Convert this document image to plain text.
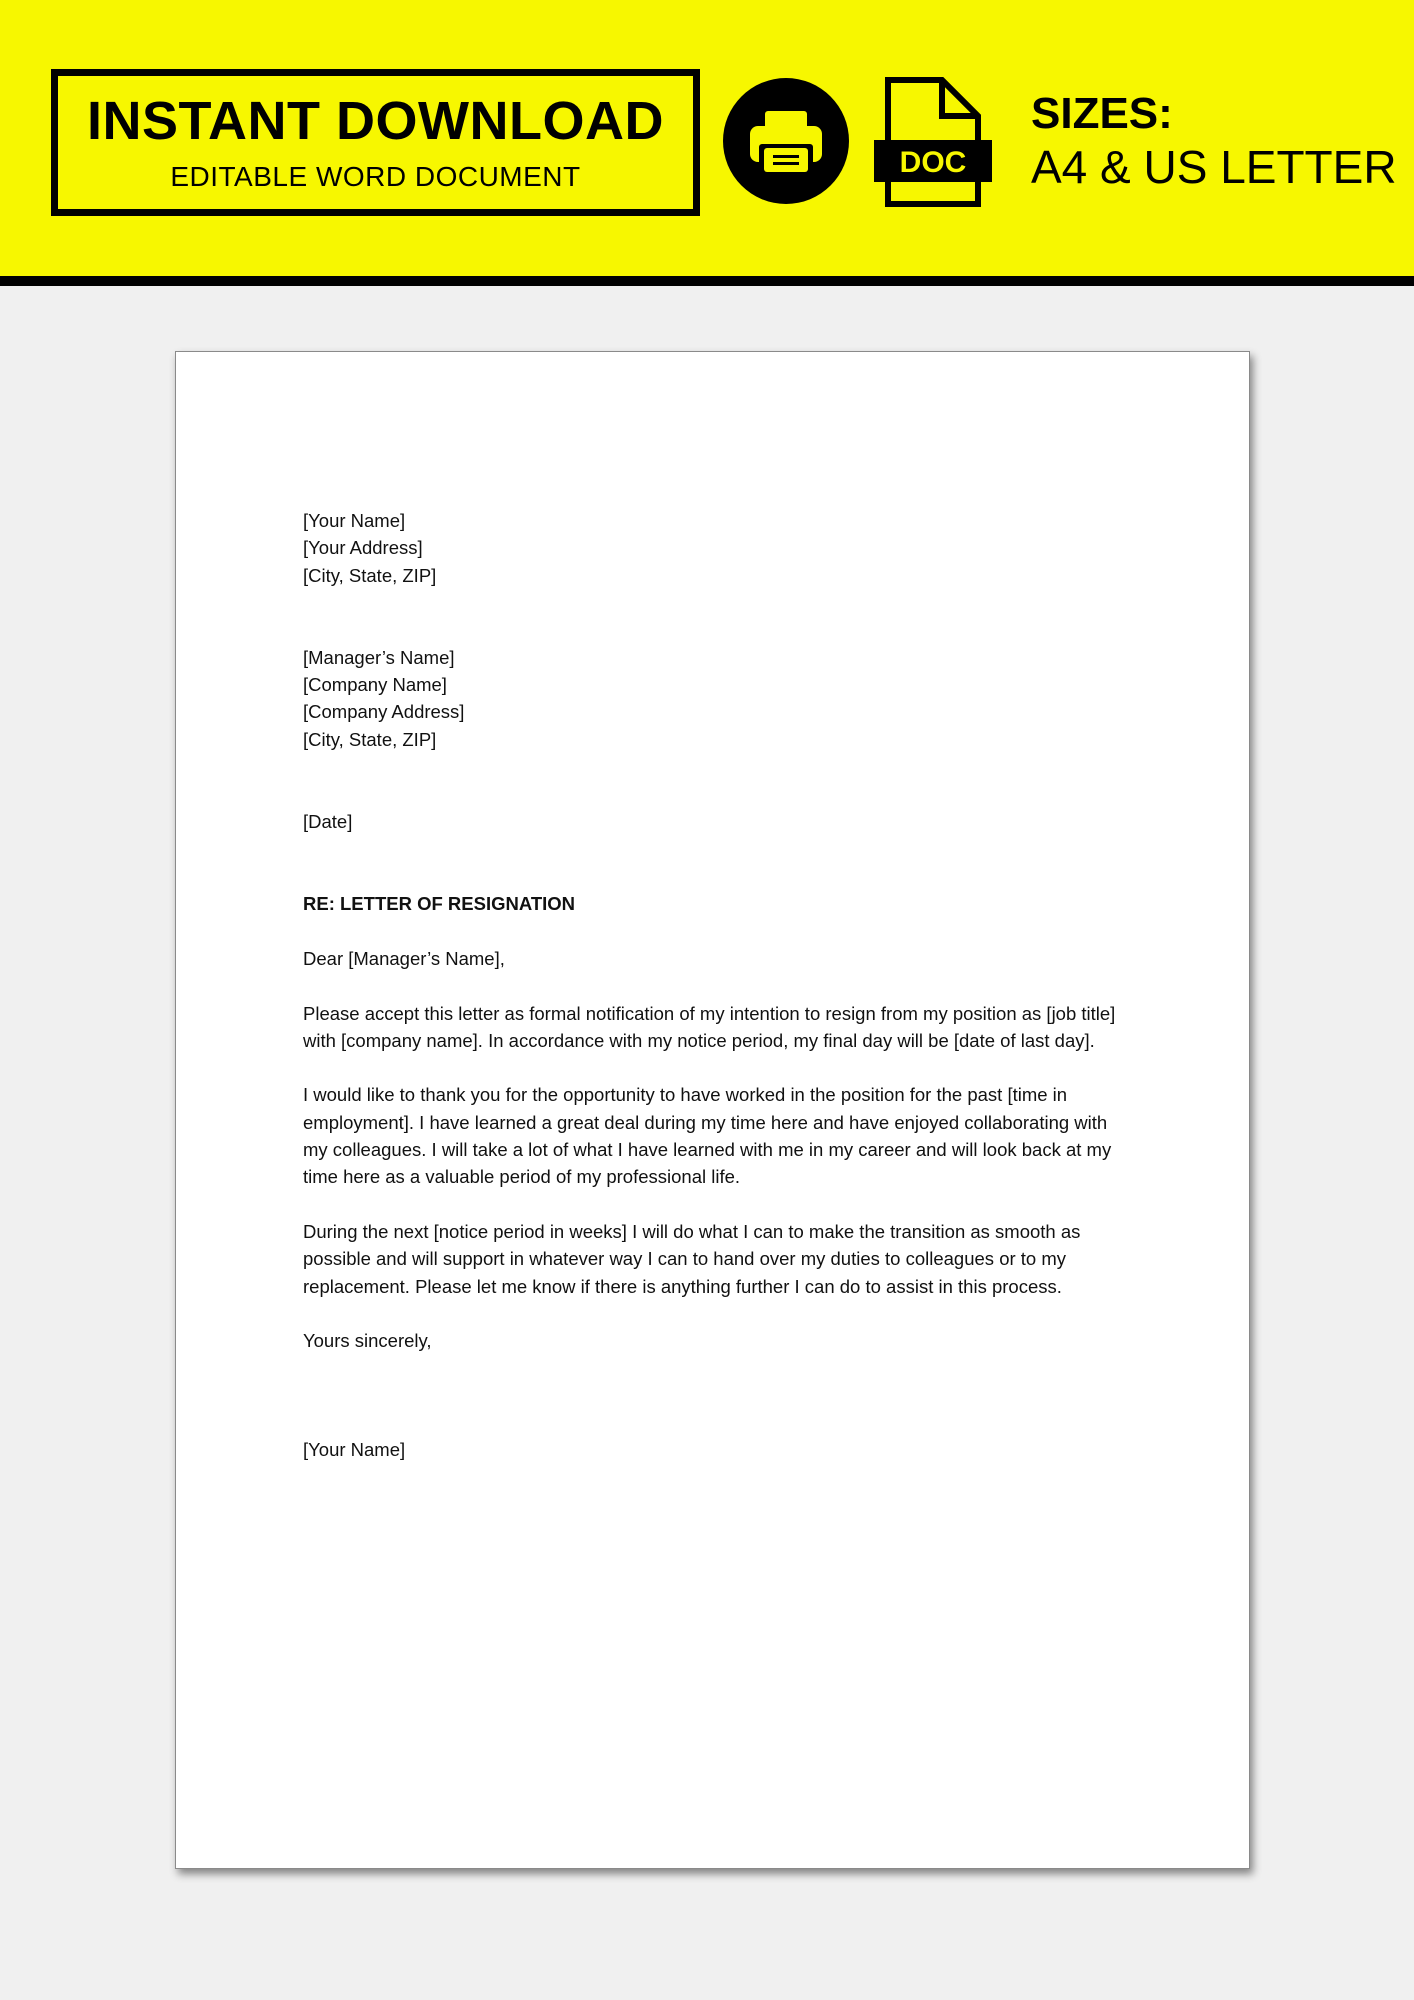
INSTANT DOWNLOAD
EDITABLE WORD DOCUMENT	DOC
SIZES:
A4 & US LETTER

[Your Name]
[Your Address]
[City, State, ZIP]

[Manager’s Name]
[Company Name]
[Company Address]
[City, State, ZIP]

[Date]

RE: LETTER OF RESIGNATION

Dear [Manager’s Name],

Please accept this letter as formal notification of my intention to resign from my position as [job title] with [company name]. In accordance with my notice period, my final day will be [date of last day].

I would like to thank you for the opportunity to have worked in the position for the past [time in employment]. I have learned a great deal during my time here and have enjoyed collaborating with my colleagues. I will take a lot of what I have learned with me in my career and will look back at my time here as a valuable period of my professional life.

During the next [notice period in weeks] I will do what I can to make the transition as smooth as possible and will support in whatever way I can to hand over my duties to colleagues or to my replacement. Please let me know if there is anything further I can do to assist in this process.

Yours sincerely,

[Your Name]
